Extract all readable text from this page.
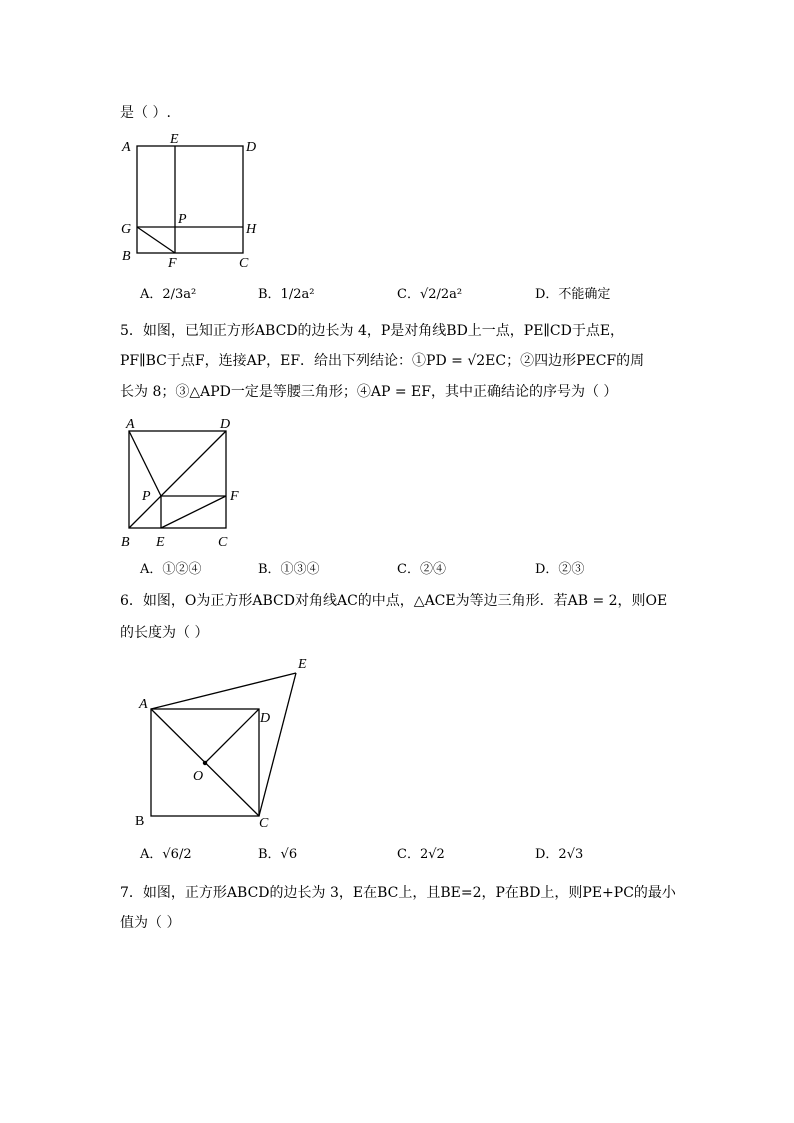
是（ ）.
A
E
D
G
P
H
B	F	C
A．2/3a²	B．1/2a²	C．√2/2a²	D．不能确定
5．如图，已知正方形ABCD的边长为 4，P是对角线BD上一点，PE∥CD于点E，
PF∥BC于点F，连接AP，EF．给出下列结论：①PD = √2EC；②四边形PECF的周
长为 8；③△APD一定是等腰三角形；④AP = EF，其中正确结论的序号为（ ）
A	D
P	F
B E	C
A．①②④	B．①③④	C．②④	D．②③
6．如图，O为正方形ABCD对角线AC的中点，△ACE为等边三角形．若AB = 2，则OE
的长度为（ ）
E
A
D
O
B	C
A．√6/2	B．√6	C．2√2	D．2√3
7．如图，正方形ABCD的边长为 3，E在BC上，且BE=2，P在BD上，则PE+PC的最小
值为（ ）
